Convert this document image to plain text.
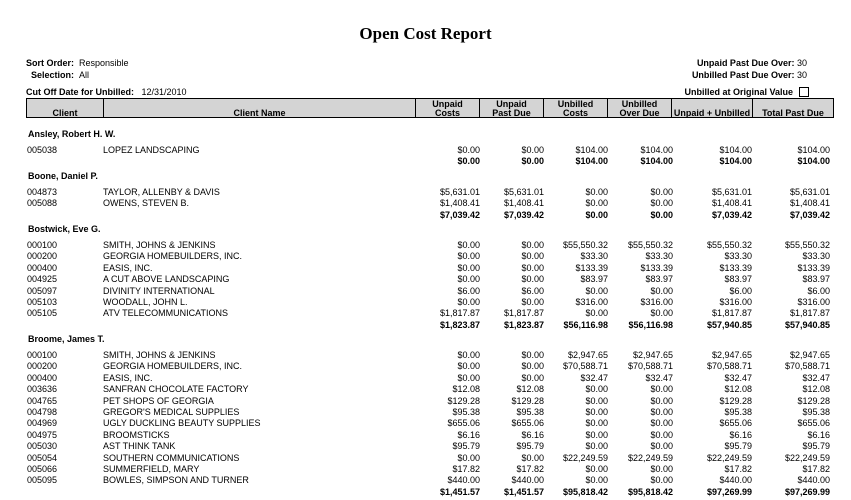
Open Cost Report
Sort Order: Responsible
Selection: All
Unpaid Past Due Over: 30
Unbilled Past Due Over: 30
Cut Off Date for Unbilled: 12/31/2010	Unbilled at Original Value
Client	Client Name
Unpaid
Costs
Unpaid
Past Due
Unbilled
Costs
Unbilled
Over Due	Unpaid + Unbilled	Total Past Due
Ansley, Robert H. W.
005038	LOPEZ LANDSCAPING	$0.00	$0.00	$104.00	$104.00	$104.00	$104.00
$0.00	$0.00	$104.00	$104.00	$104.00	$104.00
Boone, Daniel P.
004873	TAYLOR, ALLENBY & DAVIS	$5,631.01	$5,631.01	$0.00	$0.00	$5,631.01	$5,631.01
005088	OWENS, STEVEN B.	$1,408.41	$1,408.41	$0.00	$0.00	$1,408.41	$1,408.41
$7,039.42	$7,039.42	$0.00	$0.00	$7,039.42	$7,039.42
Bostwick, Eve G.
000100	SMITH, JOHNS & JENKINS	$0.00	$0.00 $55,550.32 $55,550.32	$55,550.32	$55,550.32
000200	GEORGIA HOMEBUILDERS, INC.	$0.00	$0.00	$33.30	$33.30	$33.30	$33.30
000400	EASIS, INC.	$0.00	$0.00	$133.39	$133.39	$133.39	$133.39
004925	A CUT ABOVE LANDSCAPING	$0.00	$0.00	$83.97	$83.97	$83.97	$83.97
005097	DIVINITY INTERNATIONAL	$6.00	$6.00	$0.00	$0.00	$6.00	$6.00
005103	WOODALL, JOHN L.	$0.00	$0.00	$316.00	$316.00	$316.00	$316.00
005105	ATV TELECOMMUNICATIONS	$1,817.87	$1,817.87	$0.00	$0.00	$1,817.87	$1,817.87
$1,823.87	$1,823.87 $56,116.98 $56,116.98	$57,940.85	$57,940.85
Broome, James T.
000100	SMITH, JOHNS & JENKINS	$0.00	$0.00	$2,947.65	$2,947.65	$2,947.65	$2,947.65
000200	GEORGIA HOMEBUILDERS, INC.	$0.00	$0.00 $70,588.71 $70,588.71	$70,588.71	$70,588.71
000400	EASIS, INC.	$0.00	$0.00	$32.47	$32.47	$32.47	$32.47
003636	SANFRAN CHOCOLATE FACTORY	$12.08	$12.08	$0.00	$0.00	$12.08	$12.08
004765	PET SHOPS OF GEORGIA	$129.28	$129.28	$0.00	$0.00	$129.28	$129.28
004798	GREGOR'S MEDICAL SUPPLIES	$95.38	$95.38	$0.00	$0.00	$95.38	$95.38
004969	UGLY DUCKLING BEAUTY SUPPLIES	$655.06	$655.06	$0.00	$0.00	$655.06	$655.06
004975	BROOMSTICKS	$6.16	$6.16	$0.00	$0.00	$6.16	$6.16
005030	AST THINK TANK	$95.79	$95.79	$0.00	$0.00	$95.79	$95.79
005054	SOUTHERN COMMUNICATIONS	$0.00	$0.00 $22,249.59 $22,249.59	$22,249.59	$22,249.59
005066	SUMMERFIELD, MARY	$17.82	$17.82	$0.00	$0.00	$17.82	$17.82
005095	BOWLES, SIMPSON AND TURNER	$440.00	$440.00	$0.00	$0.00	$440.00	$440.00
$1,451.57	$1,451.57 $95,818.42 $95,818.42	$97,269.99	$97,269.99
